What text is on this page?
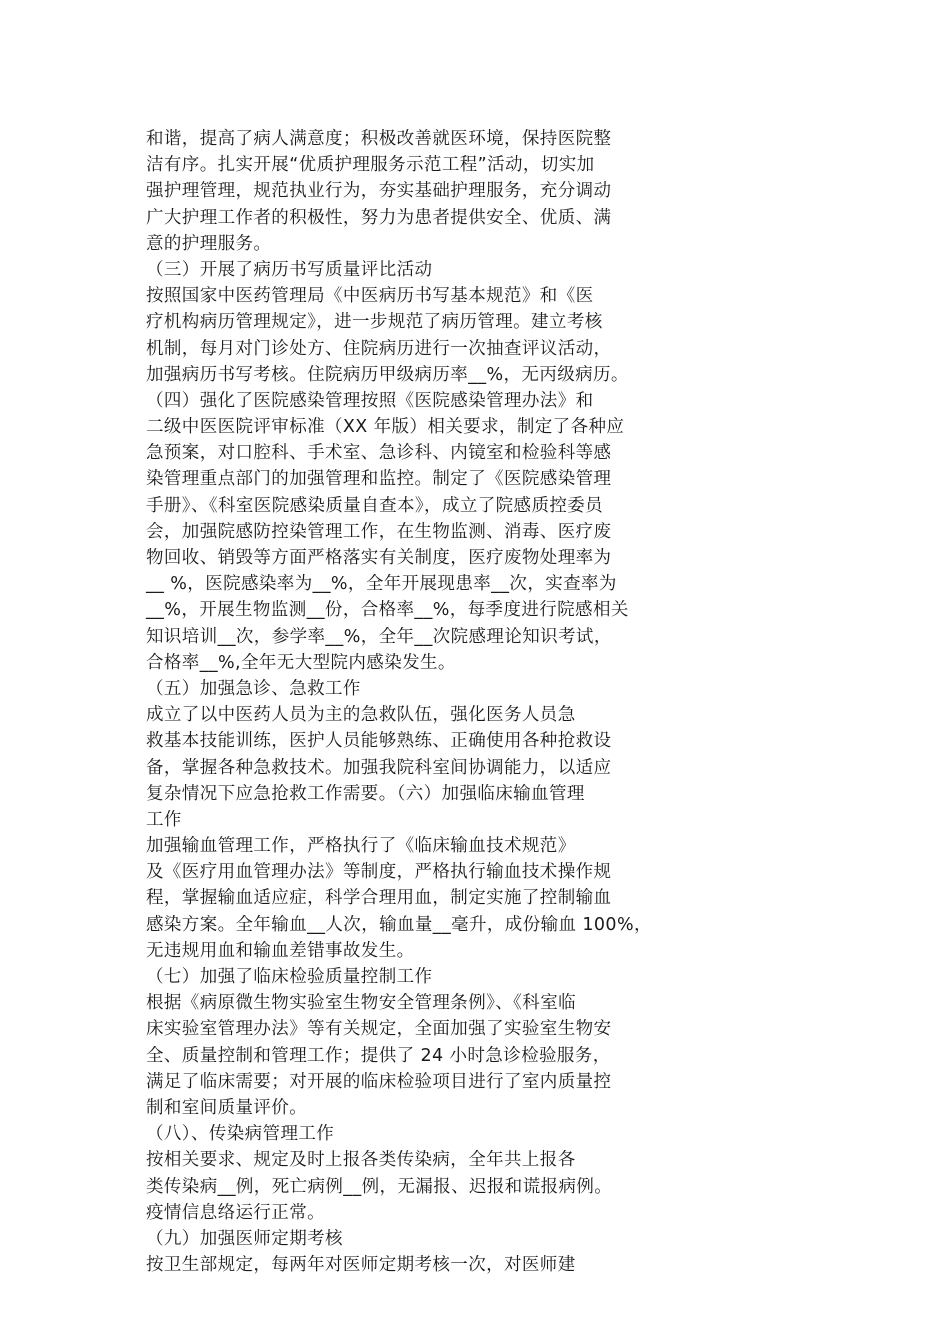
和谐，提高了病人满意度；积极改善就医环境，保持医院整
洁有序。扎实开展“优质护理服务示范工程”活动，切实加
强护理管理，规范执业行为，夯实基础护理服务，充分调动
广大护理工作者的积极性，努力为患者提供安全、优质、满
意的护理服务。
（三）开展了病历书写质量评比活动
按照国家中医药管理局《中医病历书写基本规范》和《医
疗机构病历管理规定》，进一步规范了病历管理。建立考核
机制，每月对门诊处方、住院病历进行一次抽查评议活动，
加强病历书写考核。住院病历甲级病历率__%，无丙级病历。
（四）强化了医院感染管理按照《医院感染管理办法》和
二级中医医院评审标准（XX 年版）相关要求，制定了各种应
急预案，对口腔科、手术室、急诊科、内镜室和检验科等感
染管理重点部门的加强管理和监控。制定了《医院感染管理
手册》、《科室医院感染质量自查本》，成立了院感质控委员
会，加强院感防控染管理工作，在生物监测、消毒、医疗废
物回收、销毁等方面严格落实有关制度，医疗废物处理率为
__ %，医院感染率为__%，全年开展现患率__次，实查率为
__%，开展生物监测__份，合格率__%，每季度进行院感相关
知识培训__次，参学率__%，全年__次院感理论知识考试，
合格率__%,全年无大型院内感染发生。
（五）加强急诊、急救工作
成立了以中医药人员为主的急救队伍，强化医务人员急
救基本技能训练，医护人员能够熟练、正确使用各种抢救设
备，掌握各种急救技术。加强我院科室间协调能力，以适应
复杂情况下应急抢救工作需要。（六）加强临床输血管理
工作
加强输血管理工作，严格执行了《临床输血技术规范》
及《医疗用血管理办法》等制度，严格执行输血技术操作规
程，掌握输血适应症，科学合理用血，制定实施了控制输血
感染方案。全年输血__人次，输血量__毫升，成份输血 100%，
无违规用血和输血差错事故发生。
（七）加强了临床检验质量控制工作
根据《病原微生物实验室生物安全管理条例》、《科室临
床实验室管理办法》等有关规定，全面加强了实验室生物安
全、质量控制和管理工作；提供了 24 小时急诊检验服务，
满足了临床需要；对开展的临床检验项目进行了室内质量控
制和室间质量评价。
（八）、传染病管理工作
按相关要求、规定及时上报各类传染病，全年共上报各
类传染病__例，死亡病例__例，无漏报、迟报和谎报病例。
疫情信息络运行正常。
（九）加强医师定期考核
按卫生部规定，每两年对医师定期考核一次，对医师建
